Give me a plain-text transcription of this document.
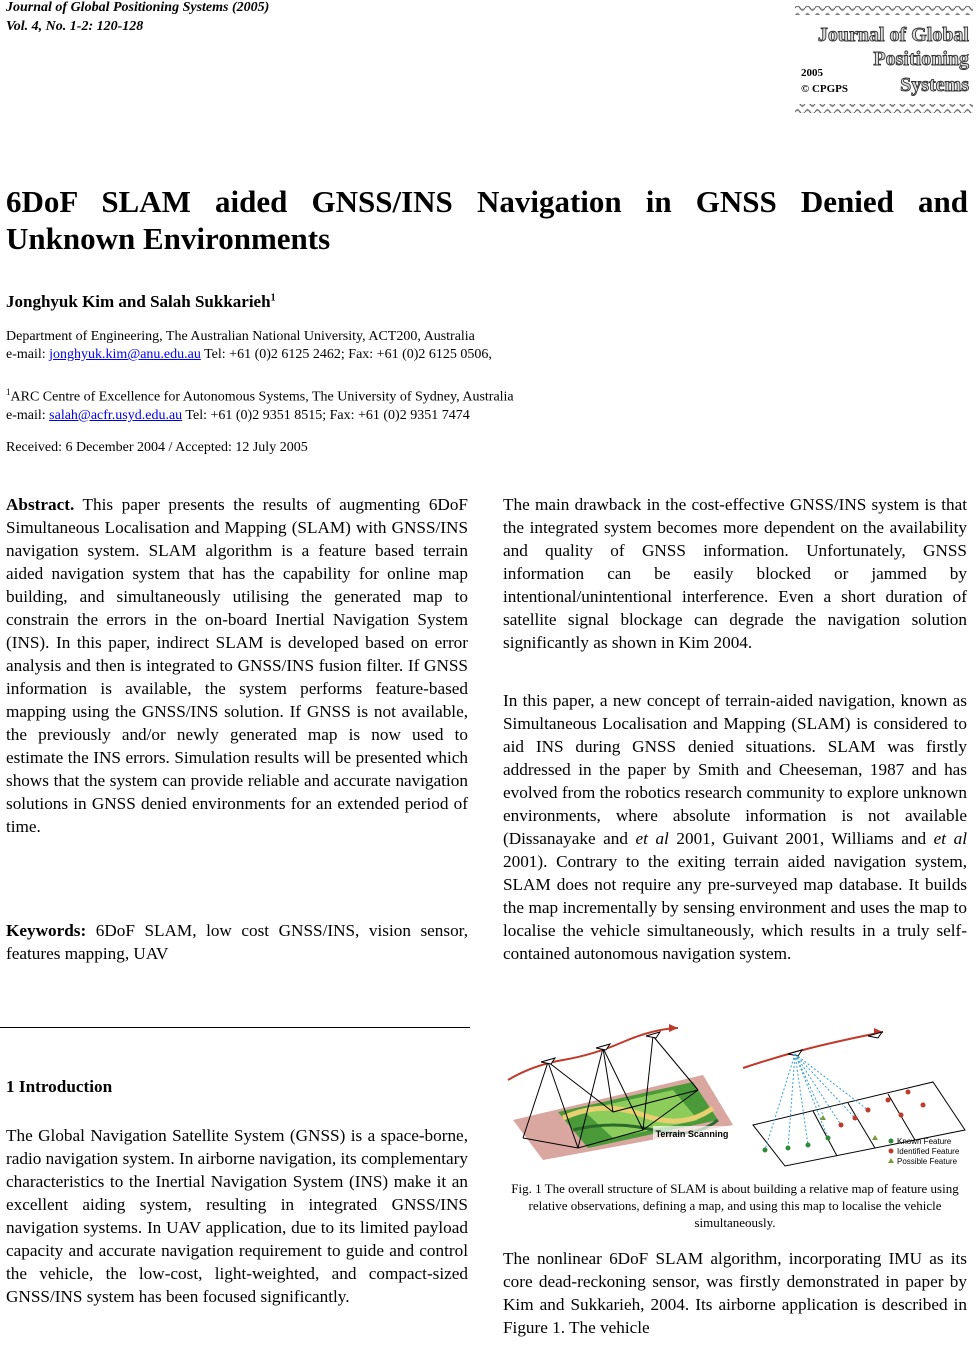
Journal of Global Positioning Systems (2005)
Vol. 4, No. 1-2: 120-128	Journal of Global
Positioning
Systems
2005
© CPGPS
6DoF SLAM aided GNSS/INS Navigation in GNSS Denied and Unknown Environments
Jonghyuk Kim and Salah Sukkarieh$^1$
Department of Engineering, The Australian National University, ACT200, Australia
e-mail: jonghyuk.kim@anu.edu.au Tel: +61 (0)2 6125 2462; Fax: +61 (0)2 6125 0506,
$^1$ARC Centre of Excellence for Autonomous Systems, The University of Sydney, Australia
e-mail: salah@acfr.usyd.edu.au Tel: +61 (0)2 9351 8515; Fax: +61 (0)2 9351 7474
Received: 6 December 2004 / Accepted: 12 July 2005

Abstract. This paper presents the results of augmenting 6DoF Simultaneous Localisation and Mapping (SLAM) with GNSS/INS navigation system. SLAM algorithm is a feature based terrain aided navigation system that has the capability for online map building, and simultaneously utilising the generated map to constrain the errors in the on-board Inertial Navigation System (INS). In this paper, indirect SLAM is developed based on error analysis and then is integrated to GNSS/INS fusion filter. If GNSS information is available, the system performs feature-based mapping using the GNSS/INS solution. If GNSS is not available, the previously and/or newly generated map is now used to estimate the INS errors. Simulation results will be presented which shows that the system can provide reliable and accurate navigation solutions in GNSS denied environments for an extended period of time.

Keywords: 6DoF SLAM, low cost GNSS/INS, vision sensor, features mapping, UAV

1 Introduction

The Global Navigation Satellite System (GNSS) is a space-borne, radio navigation system. In airborne navigation, its complementary characteristics to the Inertial Navigation System (INS) make it an excellent aiding system, resulting in integrated GNSS/INS navigation systems. In UAV application, due to its limited payload capacity and accurate navigation requirement to guide and control the vehicle, the low-cost, light-weighted, and compact-sized GNSS/INS system has been focused significantly.

The main drawback in the cost-effective GNSS/INS system is that the integrated system becomes more dependent on the availability and quality of GNSS information. Unfortunately, GNSS information can be easily blocked or jammed by intentional/unintentional interference. Even a short duration of satellite signal blockage can degrade the navigation solution significantly as shown in Kim 2004.

In this paper, a new concept of terrain-aided navigation, known as Simultaneous Localisation and Mapping (SLAM) is considered to aid INS during GNSS denied situations. SLAM was firstly addressed in the paper by Smith and Cheeseman, 1987 and has evolved from the robotics research community to explore unknown environments, where absolute information is not available (Dissanayake and et al 2001, Guivant 2001, Williams and et al 2001). Contrary to the exiting terrain aided navigation system, SLAM does not require any pre-surveyed map database. It builds the map incrementally by sensing environment and uses the map to localise the vehicle simultaneously, which results in a truly self-contained autonomous navigation system.

Terrain Scanning
Known Feature
Identified Feature
Possible Feature
Fig. 1 The overall structure of SLAM is about building a relative map of feature using relative observations, defining a map, and using this map to localise the vehicle simultaneously.

The nonlinear 6DoF SLAM algorithm, incorporating IMU as its core dead-reckoning sensor, was firstly demonstrated in paper by Kim and Sukkarieh, 2004. Its airborne application is described in Figure 1. The vehicle
